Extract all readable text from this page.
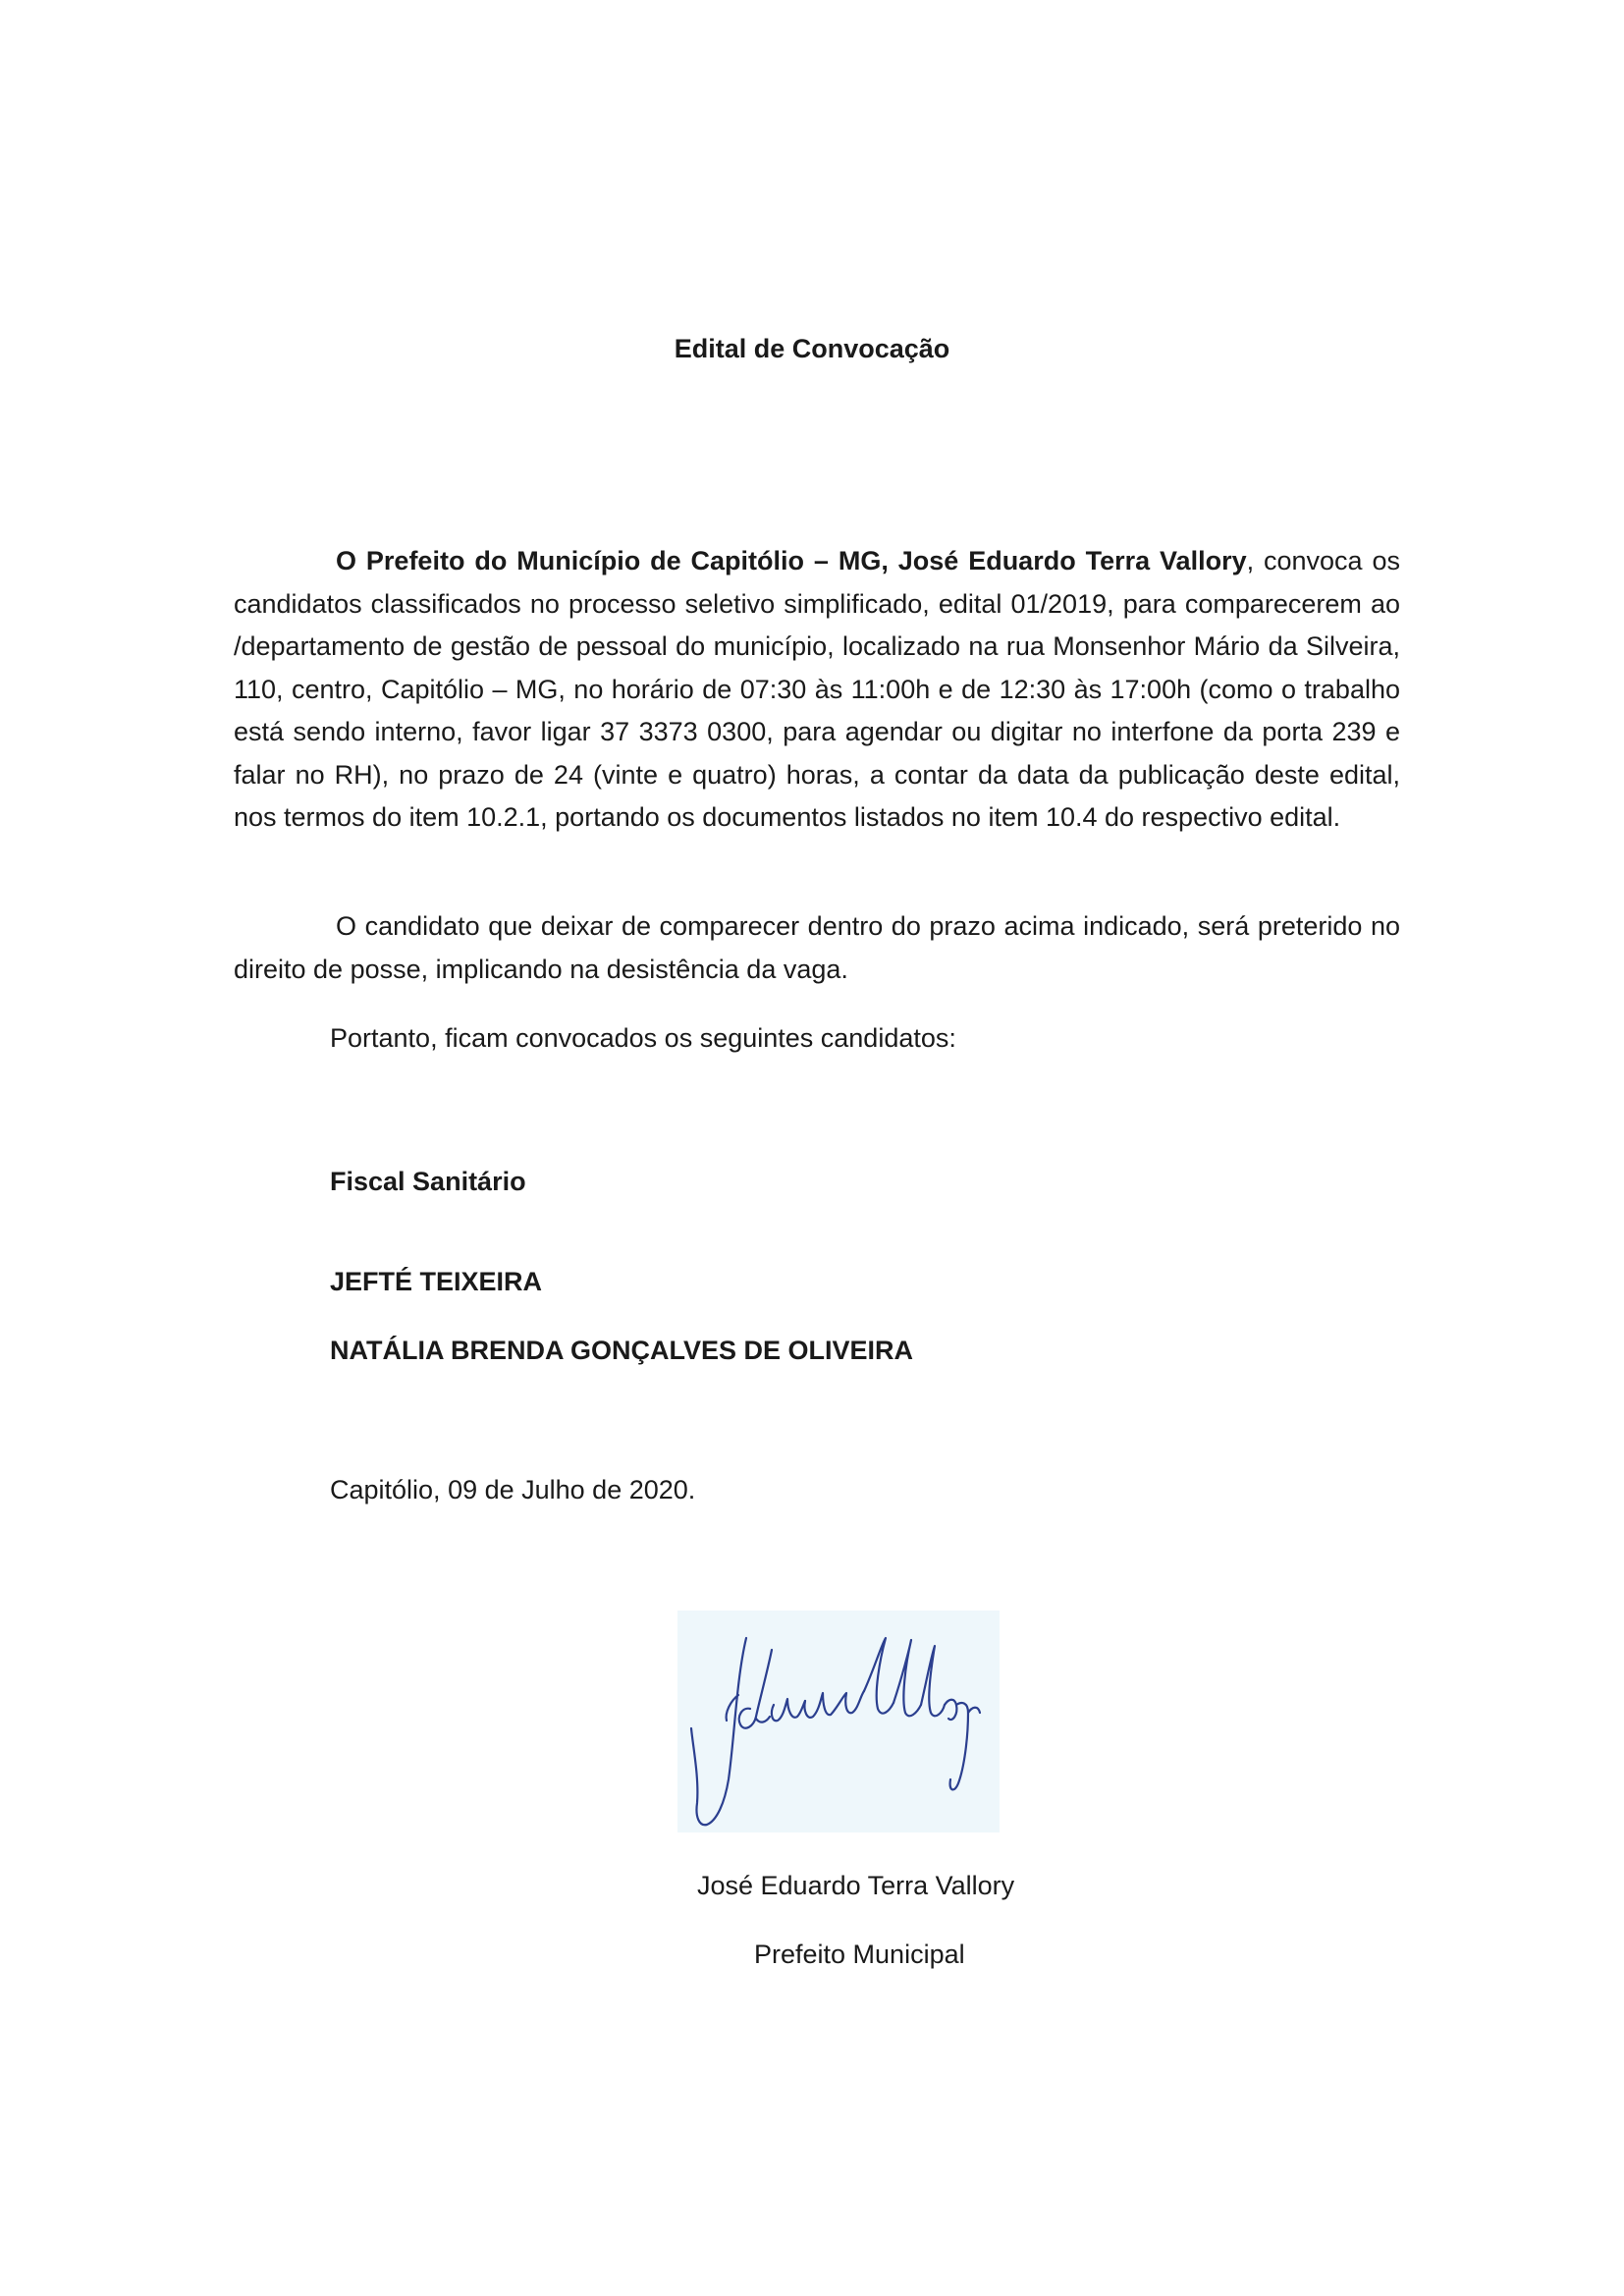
Edital de Convocação
O Prefeito do Município de Capitólio – MG, José Eduardo Terra Vallory, convoca os candidatos classificados no processo seletivo simplificado, edital 01/2019, para comparecerem ao /departamento de gestão de pessoal do município, localizado na rua Monsenhor Mário da Silveira, 110, centro, Capitólio – MG, no horário de 07:30 às 11:00h e de 12:30 às 17:00h (como o trabalho está sendo interno, favor ligar 37 3373 0300, para agendar ou digitar no interfone da porta 239 e falar no RH), no prazo de 24 (vinte e quatro) horas, a contar da data da publicação deste edital, nos termos do item 10.2.1, portando os documentos listados no item 10.4 do respectivo edital.
O candidato que deixar de comparecer dentro do prazo acima indicado, será preterido no direito de posse, implicando na desistência da vaga.
Portanto, ficam convocados os seguintes candidatos:
Fiscal Sanitário
JEFTÉ TEIXEIRA
NATÁLIA BRENDA GONÇALVES DE OLIVEIRA
Capitólio, 09 de Julho de 2020.
José Eduardo Terra Vallory
Prefeito Municipal
